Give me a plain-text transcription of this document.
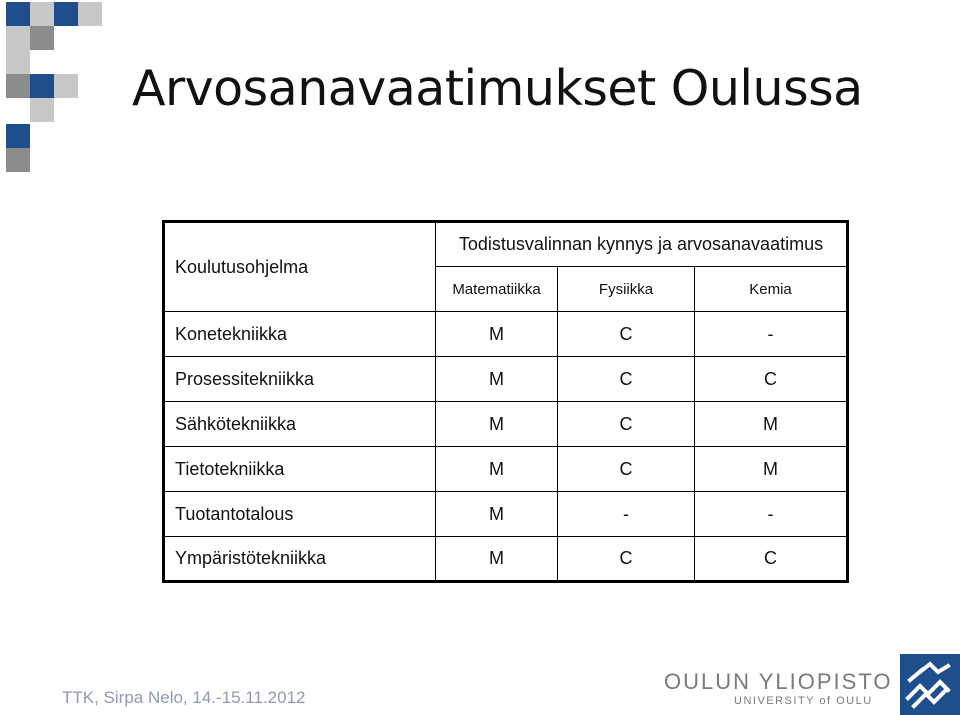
Arvosanavaatimukset Oulussa
Koulutusohjelma	Todistusvalinnan kynnys ja arvosanavaatimus		
	Matematiikka	Fysiikka	Kemia
Konetekniikka	M	C	-
Prosessitekniikka	M	C	C
Sähkötekniikka	M	C	M
Tietotekniikka	M	C	M
Tuotantotalous	M	-	-
Ympäristötekniikka	M	C	C
TTK, Sirpa Nelo, 14.-15.11.2012
OULUN YLIOPISTO
UNIVERSITY of OULU
